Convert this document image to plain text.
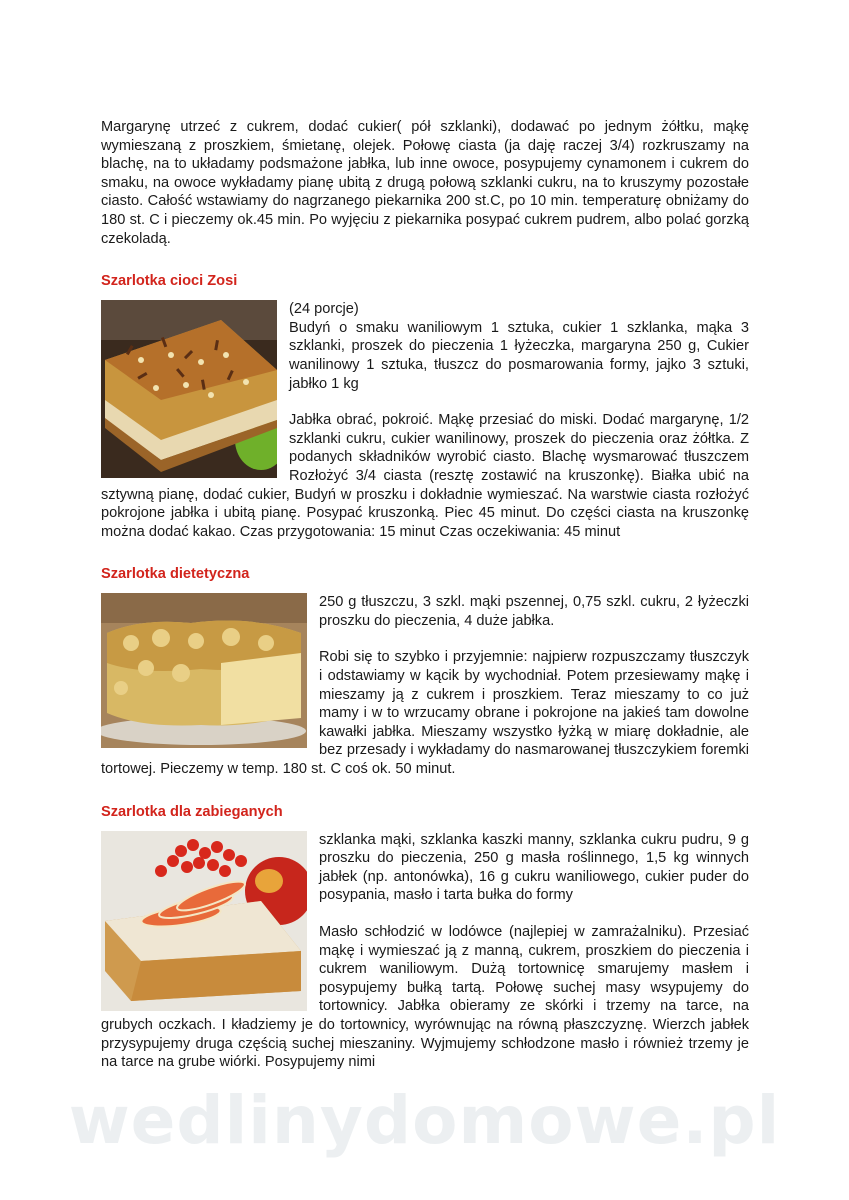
Margarynę utrzeć z cukrem, dodać cukier( pół szklanki), dodawać po jednym żółtku, mąkę wymieszaną z proszkiem, śmietanę, olejek. Połowę ciasta (ja daję raczej 3/4) rozkruszamy na blachę, na to układamy podsmażone jabłka, lub inne owoce, posypujemy cynamonem i cukrem do smaku, na owoce wykładamy pianę ubitą z drugą połową szklanki cukru, na to kruszymy pozostałe ciasto. Całość wstawiamy do nagrzanego piekarnika 200 st.C, po 10 min. temperaturę obniżamy do 180 st. C i pieczemy ok.45 min. Po wyjęciu z piekarnika posypać cukrem pudrem, albo polać gorzką czekoladą.

Szarlotka cioci Zosi

(24 porcje)

Budyń o smaku waniliowym 1 sztuka, cukier 1 szklanka, mąka 3 szklanki, proszek do pieczenia 1 łyżeczka, margaryna 250 g, Cukier wanilinowy 1 sztuka, tłuszcz do posmarowania formy, jajko 3 sztuki, jabłko 1 kg

Jabłka obrać, pokroić. Mąkę przesiać do miski. Dodać margarynę, 1/2 szklanki cukru, cukier wanilinowy, proszek do pieczenia oraz żółtka. Z podanych składników wyrobić ciasto. Blachę wysmarować tłuszczem Rozłożyć 3/4 ciasta (resztę zostawić na kruszonkę). Białka ubić na sztywną pianę, dodać cukier, Budyń w proszku i dokładnie wymieszać. Na warstwie ciasta rozłożyć pokrojone jabłka i ubitą pianę. Posypać kruszonką. Piec 45 minut. Do części ciasta na kruszonkę można dodać kakao. Czas przygotowania: 15 minut Czas oczekiwania: 45 minut

Szarlotka dietetyczna

250 g tłuszczu, 3 szkl. mąki pszennej, 0,75 szkl. cukru, 2 łyżeczki proszku do pieczenia, 4 duże jabłka.

Robi się to szybko i przyjemnie: najpierw rozpuszczamy tłuszczyk i odstawiamy w kącik by wychodniał. Potem przesiewamy mąkę i mieszamy ją z cukrem i proszkiem. Teraz mieszamy to co już mamy i w to wrzucamy obrane i pokrojone na jakieś tam dowolne kawałki jabłka. Mieszamy wszystko łyżką w miarę dokładnie, ale bez przesady i wykładamy do nasmarowanej tłuszczykiem foremki tortowej. Pieczemy w temp. 180 st. C coś ok. 50 minut.

Szarlotka dla zabieganych

szklanka mąki, szklanka kaszki manny, szklanka cukru pudru, 9 g proszku do pieczenia, 250 g masła roślinnego, 1,5 kg winnych jabłek (np. antonówka), 16 g cukru waniliowego, cukier puder do posypania, masło i tarta bułka do formy

Masło schłodzić w lodówce (najlepiej w zamrażalniku). Przesiać mąkę i wymieszać ją z manną, cukrem, proszkiem do pieczenia i cukrem waniliowym. Dużą tortownicę smarujemy masłem i posypujemy bułką tartą. Połowę suchej masy wsypujemy do tortownicy. Jabłka obieramy ze skórki i trzemy na tarce, na grubych oczkach. I kładziemy je do tortownicy, wyrównując na równą płaszczyznę. Wierzch jabłek przysypujemy druga częścią suchej mieszaniny. Wyjmujemy schłodzone masło i również trzemy je na tarce na grube wiórki. Posypujemy nimi

wedlinydomowe.pl
